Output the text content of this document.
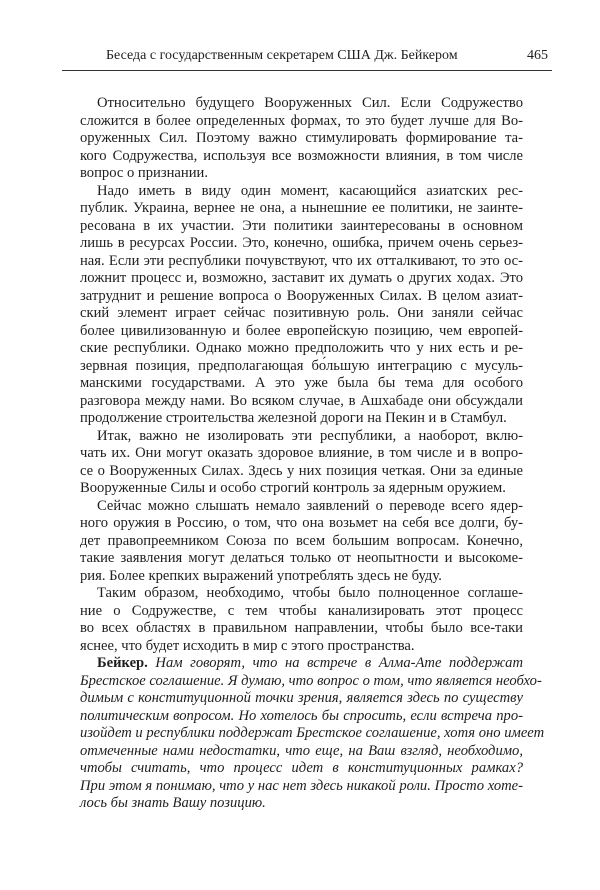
Беседа с государственным секретарем США Дж. Бейкером	465
Относительно будущего Вооруженных Сил. Если Содружество
сложится в более определенных формах, то это будет лучше для Во-
оруженных Сил. Поэтому важно стимулировать формирование та-
кого Содружества, используя все возможности влияния, в том числе
вопрос о признании.
Надо иметь в виду один момент, касающийся азиатских рес-
публик. Украина, вернее не она, а нынешние ее политики, не заинте-
ресована в их участии. Эти политики заинтересованы в основном
лишь в ресурсах России. Это, конечно, ошибка, причем очень серьез-
ная. Если эти республики почувствуют, что их отталкивают, то это ос-
ложнит процесс и, возможно, заставит их думать о других ходах. Это
затруднит и решение вопроса о Вооруженных Силах. В целом азиат-
ский элемент играет сейчас позитивную роль. Они заняли сейчас
более цивилизованную и более европейскую позицию, чем европей-
ские республики. Однако можно предположить что у них есть и ре-
зервная позиция, предполагающая бо́льшую интеграцию с мусуль-
манскими государствами. А это уже была бы тема для особого
разговора между нами. Во всяком случае, в Ашхабаде они обсуждали
продолжение строительства железной дороги на Пекин и в Стамбул.
Итак, важно не изолировать эти республики, а наоборот, вклю-
чать их. Они могут оказать здоровое влияние, в том числе и в вопро-
се о Вооруженных Силах. Здесь у них позиция четкая. Они за единые
Вооруженные Силы и особо строгий контроль за ядерным оружием.
Сейчас можно слышать немало заявлений о переводе всего ядер-
ного оружия в Россию, о том, что она возьмет на себя все долги, бу-
дет правопреемником Союза по всем большим вопросам. Конечно,
такие заявления могут делаться только от неопытности и высокоме-
рия. Более крепких выражений употреблять здесь не буду.
Таким образом, необходимо, чтобы было полноценное соглаше-
ние о Содружестве, с тем чтобы канализировать этот процесс
во всех областях в правильном направлении, чтобы было все-таки
яснее, что будет исходить в мир с этого пространства.
Бейкер. Нам говорят, что на встрече в Алма-Ате поддержат
Брестское соглашение. Я думаю, что вопрос о том, что является необхо-
димым с конституционной точки зрения, является здесь по существу
политическим вопросом. Но хотелось бы спросить, если встреча про-
изойдет и республики поддержат Брестское соглашение, хотя оно имеет
отмеченные нами недостатки, что еще, на Ваш взгляд, необходимо,
чтобы считать, что процесс идет в конституционных рамках?
При этом я понимаю, что у нас нет здесь никакой роли. Просто хоте-
лось бы знать Вашу позицию.
